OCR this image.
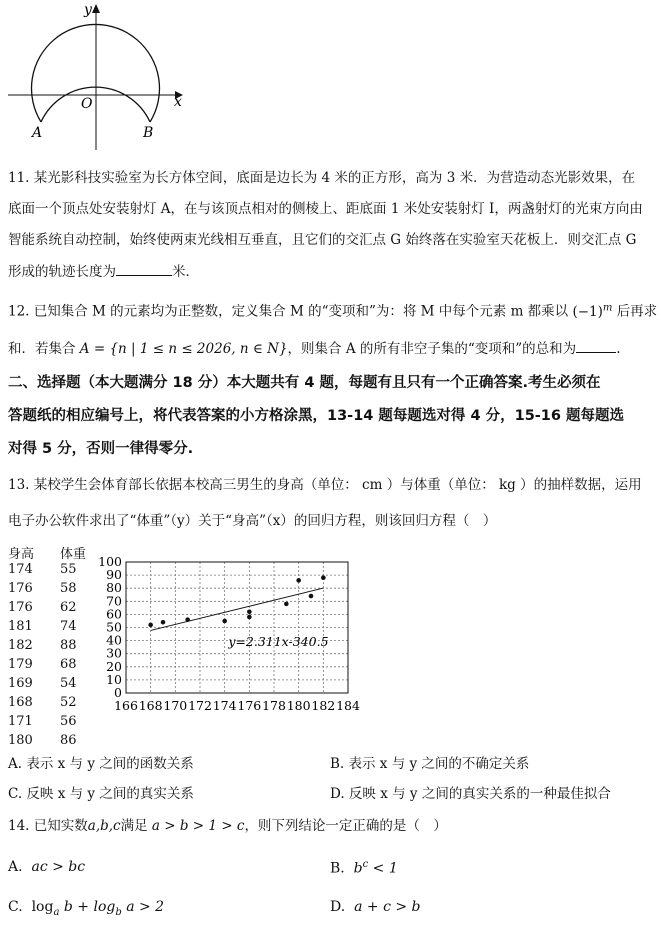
y
x
O
A	B
11. 某光影科技实验室为长方体空间，底面是边长为 4 米的正方形，高为 3 米．为营造动态光影效果，在
底面一个顶点处安装射灯 A，在与该顶点相对的侧棱上、距底面 1 米处安装射灯 I，两盏射灯的光束方向由
智能系统自动控制，始终使两束光线相互垂直，且它们的交汇点 G 始终落在实验室天花板上．则交汇点 G
形成的轨迹长度为	米．
12. 已知集合 M 的元素均为正整数，定义集合 M 的“变项和”为：将 M 中每个元素 m 都乘以 $(-1)^m$ 后再求
和．若集合 A = {n | 1 ≤ n ≤ 2026, n ∈ N}，则集合 A 的所有非空子集的“变项和”的总和为	.
二、选择题（本大题满分 18 分）本大题共有 4 题，每题有且只有一个正确答案.考生必须在
答题纸的相应编号上，将代表答案的小方格涂黑，13-14 题每题选对得 4 分，15-16 题每题选
对得 5 分，否则一律得零分.
13. 某校学生会体育部长依据本校高三男生的身高（单位： cm ）与体重（单位： kg ）的抽样数据，运用
电子办公软件求出了“体重”（y）关于“身高”（x）的回归方程，则该回归方程（　）
身高 体重
174 55
176 58
176 62
181 74
182 88
179 68
169 54
168 52
171 56
180 86
0
10
20
30
40
50
60
70
80
90
100
166 168 170 172 174 176 178 180 182 184
y=2.311x-340.5
A. 表示 x 与 y 之间的函数关系	B. 表示 x 与 y 之间的不确定关系
C. 反映 x 与 y 之间的真实关系	D. 反映 x 与 y 之间的真实关系的一种最佳拟合
14. 已知实数a,b,c满足 a > b > 1 > c，则下列结论一定正确的是（　）
A. ac > bc	B. $b^c < 1$
C. $\log_a b + \log_b a > 2$	D. a + c > b
